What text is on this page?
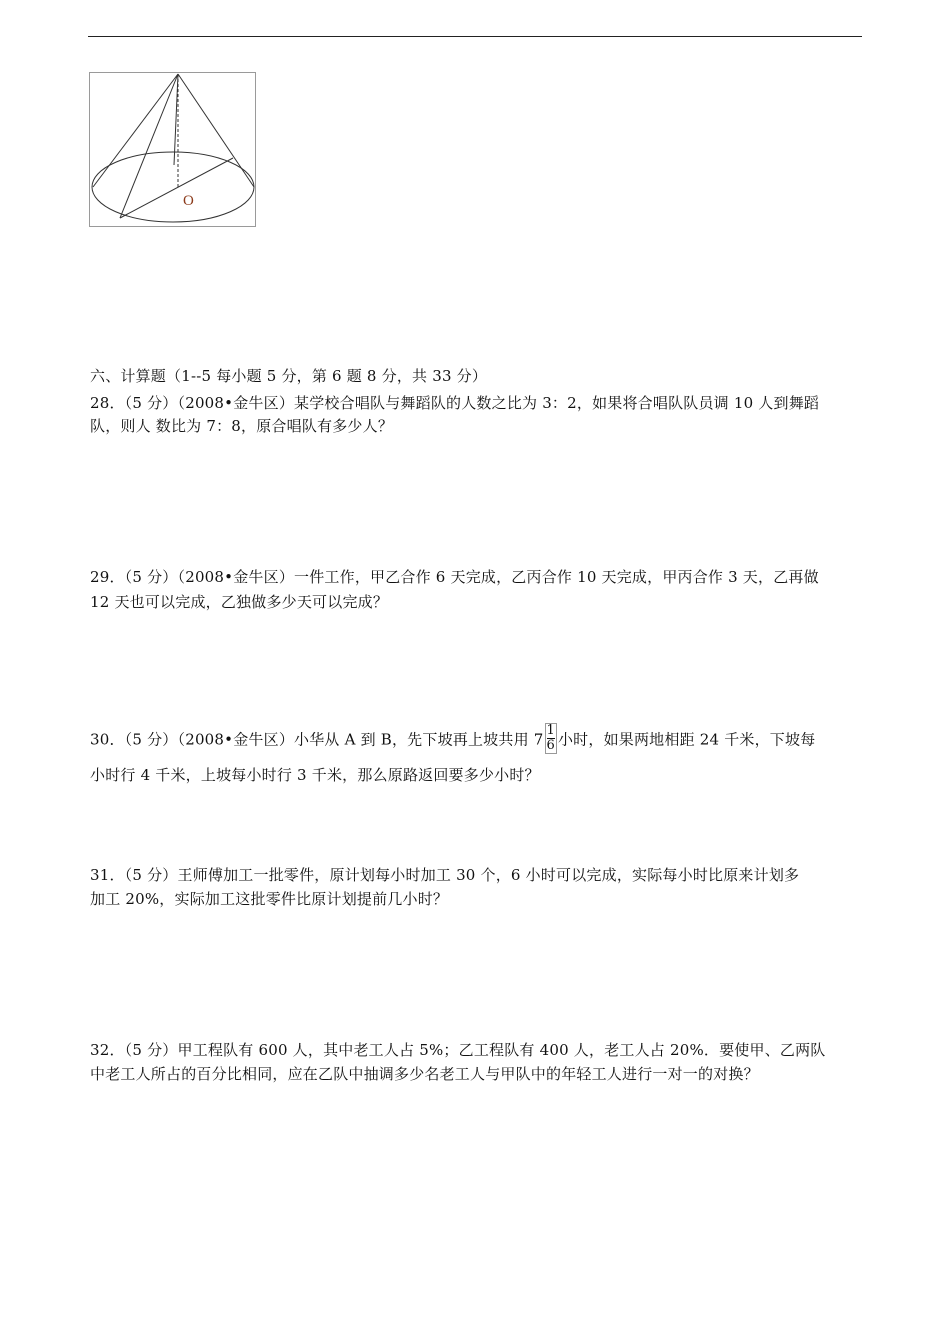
O
六、计算题（1--5 每小题 5 分，第 6 题 8 分，共 33 分）
28．（5 分）（2008•金牛区）某学校合唱队与舞蹈队的人数之比为 3：2，如果将合唱队队员调 10 人到舞蹈
队，则人 数比为 7：8，原合唱队有多少人？
29．（5 分）（2008•金牛区）一件工作，甲乙合作 6 天完成，乙丙合作 10 天完成，甲丙合作 3 天，乙再做
12 天也可以完成，乙独做多少天可以完成？
30．（5 分）（2008•金牛区）小华从 A 到 B，先下坡再上坡共用 $7 \frac{1}{6}$ 小时，如果两地相距 24 千米，下坡每
小时行 4 千米，上坡每小时行 3 千米，那么原路返回要多少小时？
31．（5 分）王师傅加工一批零件，原计划每小时加工 30 个，6 小时可以完成，实际每小时比原来计划多
加工 20%，实际加工这批零件比原计划提前几小时？
32．（5 分）甲工程队有 600 人，其中老工人占 5%；乙工程队有 400 人，老工人占 20%．要使甲、乙两队
中老工人所占的百分比相同，应在乙队中抽调多少名老工人与甲队中的年轻工人进行一对一的对换？
